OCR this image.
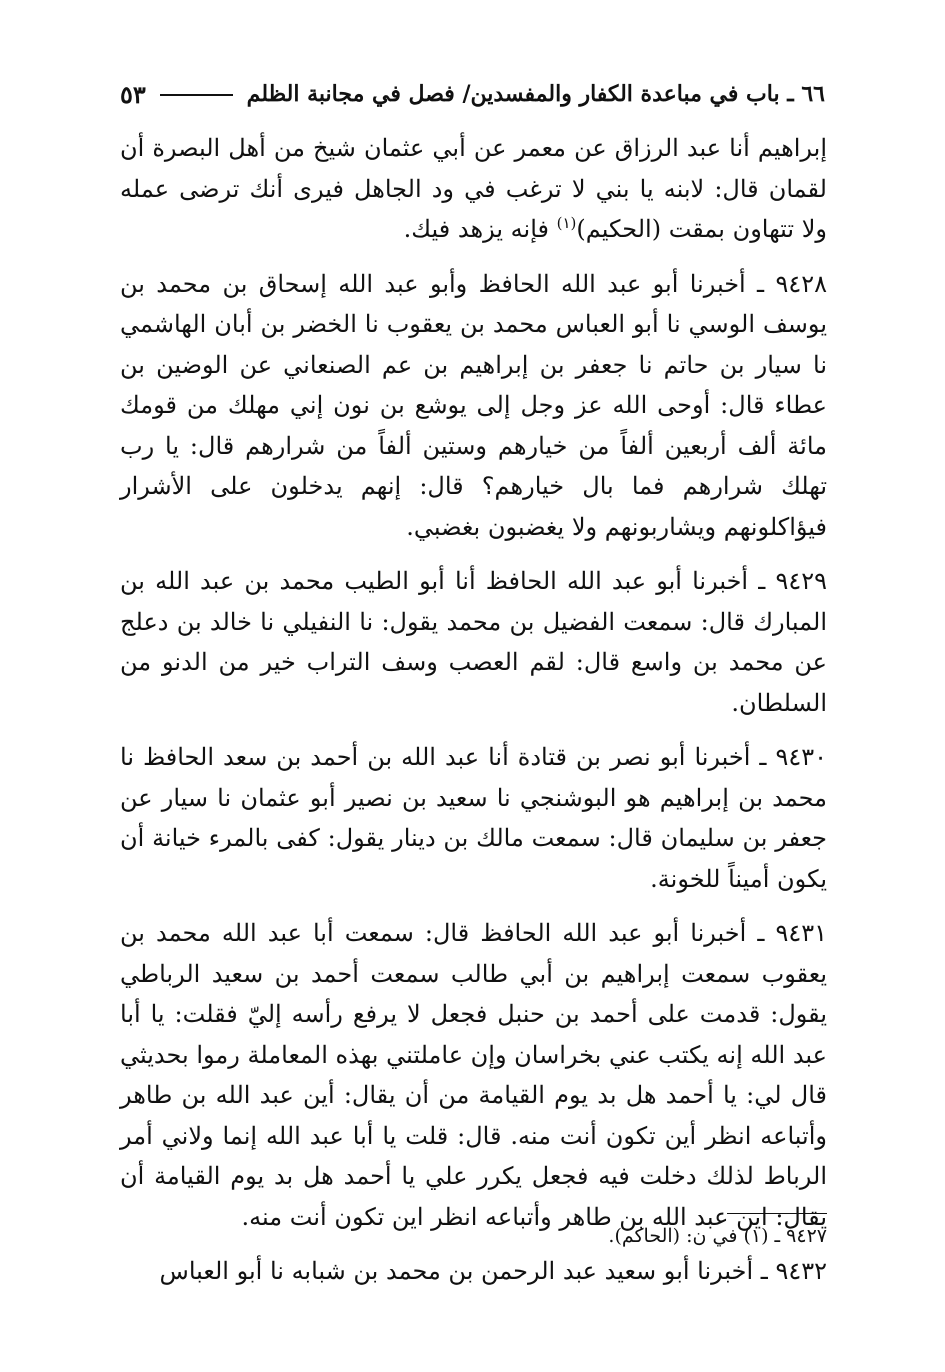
٦٦ ـ باب في مباعدة الكفار والمفسدين/ فصل في مجانبة الظلم
٥٣

إبراهيم أنا عبد الرزاق عن معمر عن أبي عثمان شيخ من أهل البصرة أن لقمان قال: لابنه يا بني لا ترغب في ود الجاهل فيرى أنك ترضى عمله ولا تتهاون بمقت (الحكيم)$^{(١)}$ فإنه يزهد فيك.

٩٤٢٨ ـ أخبرنا أبو عبد الله الحافظ وأبو عبد الله إسحاق بن محمد بن يوسف الوسي نا أبو العباس محمد بن يعقوب نا الخضر بن أبان الهاشمي نا سيار بن حاتم نا جعفر بن إبراهيم بن عم الصنعاني عن الوضين بن عطاء قال: أوحى الله عز وجل إلى يوشع بن نون إني مهلك من قومك مائة ألف أربعين ألفاً من خيارهم وستين ألفاً من شرارهم قال: يا رب تهلك شرارهم فما بال خيارهم؟ قال: إنهم يدخلون على الأشرار فيؤاكلونهم ويشاربونهم ولا يغضبون بغضبي.

٩٤٢٩ ـ أخبرنا أبو عبد الله الحافظ أنا أبو الطيب محمد بن عبد الله بن المبارك قال: سمعت الفضيل بن محمد يقول: نا النفيلي نا خالد بن دعلج عن محمد بن واسع قال: لقم العصب وسف التراب خير من الدنو من السلطان.

٩٤٣٠ ـ أخبرنا أبو نصر بن قتادة أنا عبد الله بن أحمد بن سعد الحافظ نا محمد بن إبراهيم هو البوشنجي نا سعيد بن نصير أبو عثمان نا سيار عن جعفر بن سليمان قال: سمعت مالك بن دينار يقول: كفى بالمرء خيانة أن يكون أميناً للخونة.

٩٤٣١ ـ أخبرنا أبو عبد الله الحافظ قال: سمعت أبا عبد الله محمد بن يعقوب سمعت إبراهيم بن أبي طالب سمعت أحمد بن سعيد الرباطي يقول: قدمت على أحمد بن حنبل فجعل لا يرفع رأسه إليّ فقلت: يا أبا عبد الله إنه يكتب عني بخراسان وإن عاملتني بهذه المعاملة رموا بحديثي قال لي: يا أحمد هل بد يوم القيامة من أن يقال: أين عبد الله بن طاهر وأتباعه انظر أين تكون أنت منه. قال: قلت يا أبا عبد الله إنما ولاني أمر الرباط لذلك دخلت فيه فجعل يكرر علي يا أحمد هل بد يوم القيامة أن يقال: اين عبد الله بن طاهر وأتباعه انظر اين تكون أنت منه.

٩٤٣٢ ـ أخبرنا أبو سعيد عبد الرحمن بن محمد بن شبابه نا أبو العباس

٩٤٢٧ ـ (١) في ن: (الحاكم).
